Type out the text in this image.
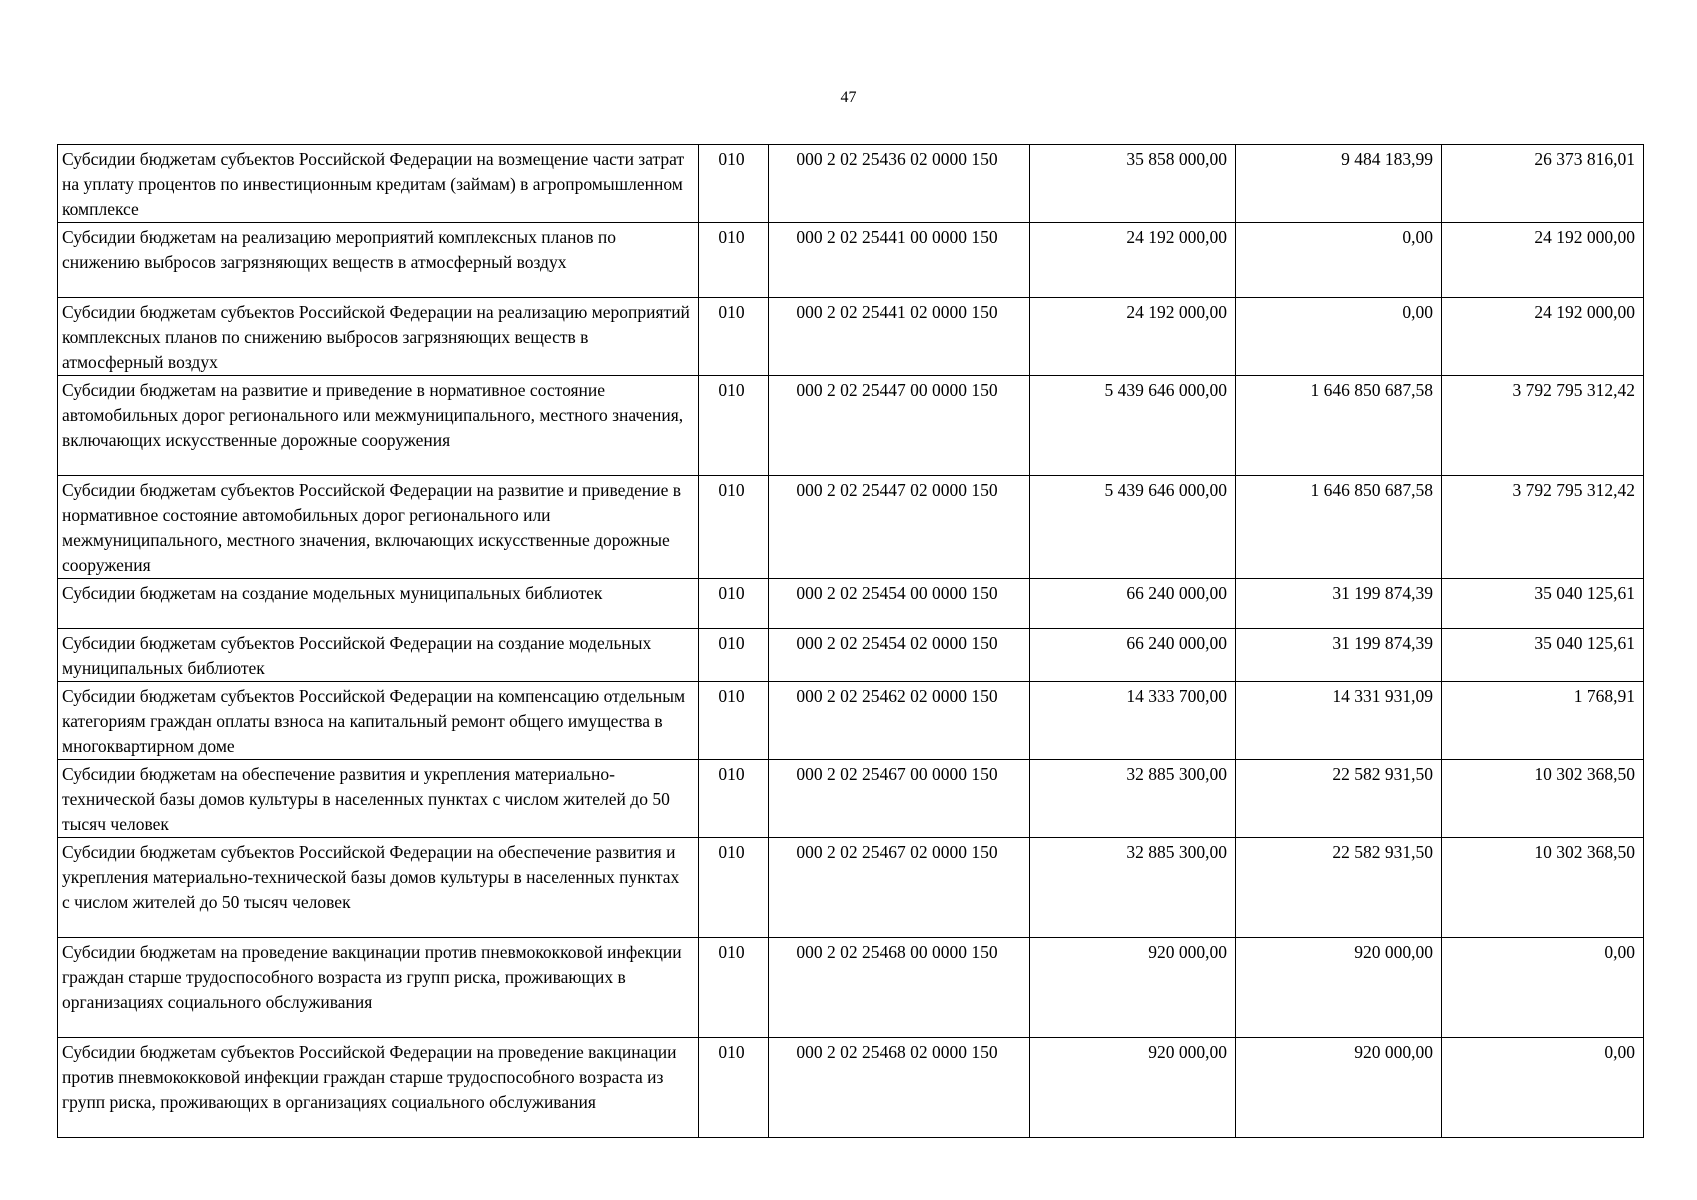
47
Субсидии бюджетам субъектов Российской Федерации на возмещение части затрат на уплату процентов по инвестиционным кредитам (займам) в агропромышленном комплексе	010	000 2 02 25436 02 0000 150	35 858 000,00	9 484 183,99	26 373 816,01
Субсидии бюджетам на реализацию мероприятий комплексных планов по снижению выбросов загрязняющих веществ в атмосферный воздух	010	000 2 02 25441 00 0000 150	24 192 000,00	0,00	24 192 000,00
Субсидии бюджетам субъектов Российской Федерации на реализацию мероприятий комплексных планов по снижению выбросов загрязняющих веществ в атмосферный воздух	010	000 2 02 25441 02 0000 150	24 192 000,00	0,00	24 192 000,00
Субсидии бюджетам на развитие и приведение в нормативное состояние автомобильных дорог регионального или межмуниципального, местного значения, включающих искусственные дорожные сооружения	010	000 2 02 25447 00 0000 150	5 439 646 000,00	1 646 850 687,58	3 792 795 312,42
Субсидии бюджетам субъектов Российской Федерации на развитие и приведение в нормативное состояние автомобильных дорог регионального или межмуниципального, местного значения, включающих искусственные дорожные сооружения	010	000 2 02 25447 02 0000 150	5 439 646 000,00	1 646 850 687,58	3 792 795 312,42
Субсидии бюджетам на создание модельных муниципальных библиотек	010	000 2 02 25454 00 0000 150	66 240 000,00	31 199 874,39	35 040 125,61
Субсидии бюджетам субъектов Российской Федерации на создание модельных муниципальных библиотек	010	000 2 02 25454 02 0000 150	66 240 000,00	31 199 874,39	35 040 125,61
Субсидии бюджетам субъектов Российской Федерации на компенсацию отдельным категориям граждан оплаты взноса на капитальный ремонт общего имущества в многоквартирном доме	010	000 2 02 25462 02 0000 150	14 333 700,00	14 331 931,09	1 768,91
Субсидии бюджетам на обеспечение развития и укрепления материально-технической базы домов культуры в населенных пунктах с числом жителей до 50 тысяч человек	010	000 2 02 25467 00 0000 150	32 885 300,00	22 582 931,50	10 302 368,50
Субсидии бюджетам субъектов Российской Федерации на обеспечение развития и укрепления материально-технической базы домов культуры в населенных пунктах с числом жителей до 50 тысяч человек	010	000 2 02 25467 02 0000 150	32 885 300,00	22 582 931,50	10 302 368,50
Субсидии бюджетам на проведение вакцинации против пневмококковой инфекции граждан старше трудоспособного возраста из групп риска, проживающих в организациях социального обслуживания	010	000 2 02 25468 00 0000 150	920 000,00	920 000,00	0,00
Субсидии бюджетам субъектов Российской Федерации на проведение вакцинации против пневмококковой инфекции граждан старше трудоспособного возраста из групп риска, проживающих в организациях социального обслуживания	010	000 2 02 25468 02 0000 150	920 000,00	920 000,00	0,00
